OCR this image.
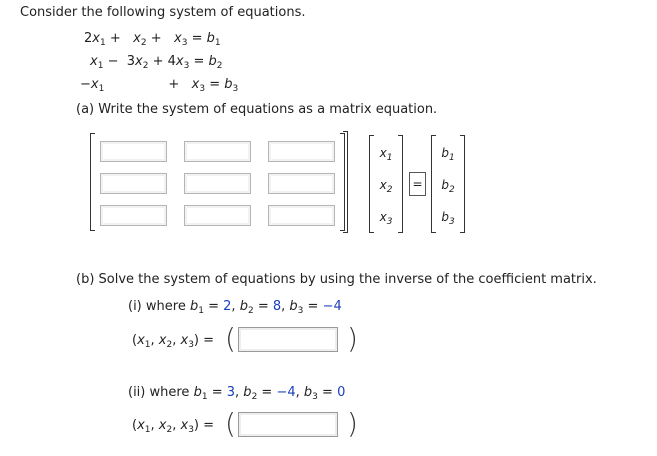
Consider the following system of equations.
$2x_1 + x_2 + x_3 = b_1$
$x_1 - 3x_2 + 4x_3 = b_2$
$-x_1$	+   $x_3 = b_3$
(a) Write the system of equations as a matrix equation.
$x_1$
$x_2$
$x_3$
=
$b_1$
$b_2$
$b_3$
(b) Solve the system of equations by using the inverse of the coefficient matrix.
(i) where $b_1 = 2$, $b_2 = 8$, $b_3 = -4$
($x_1$, $x_2$, $x_3$) = (	)
(ii) where $b_1 = 3$, $b_2 = -4$, $b_3 = 0$
($x_1$, $x_2$, $x_3$) = (	)
